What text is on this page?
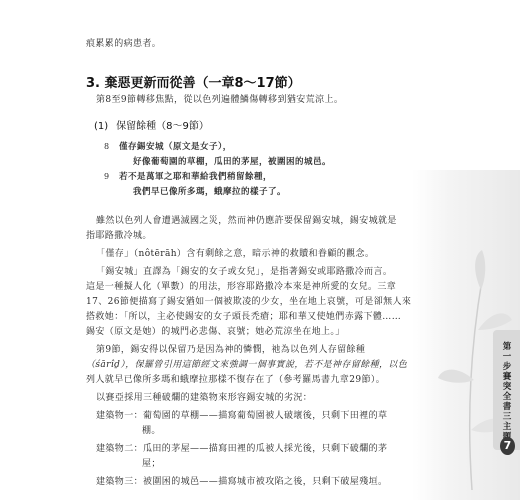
第一步 賽突全書三主
7
痕累累的病患者。
3. 棄惡更新而從善（一章8～17節）
第8至9節轉移焦點，從以色列遍體鱗傷轉移到猶安荒涼上。
(1) 保留餘種（8～9節）
8 僅存錫安城（原文是女子），
好像葡萄園的草棚，瓜田的茅屋，被圍困的城邑。
9 若不是萬軍之耶和華給我們稍留餘種，
我們早已像所多瑪，蛾摩拉的樣子了。
雖然以色列人會遭遇滅國之災，然而神仍應許要保留錫安城，錫安城就是
指耶路撒冷城。
「僅存」（nôtērāh）含有剩餘之意，暗示神的救贖和眷顧的觀念。
「錫安城」直譯為「錫安的女子或女兒」，是指著錫安或耶路撒冷而言。
這是一種擬人化（單數）的用法，形容耶路撒冷本來是神所愛的女兒。三章
17、26節便描寫了錫安猶如一個被欺凌的少女，坐在地上哀號，可是卻無人來
搭救她：「所以，主必使錫安的女子頭長禿瘡；耶和華又使她們赤露下體……
錫安（原文是她）的城門必悲傷、哀號；她必荒涼坐在地上。」
第9節，錫安得以保留乃是因為神的憐憫，祂為以色列人存留餘種
（śārîḏ），保羅曾引用這節經文來強調一個事實說，若不是神存留餘種，以色
列人就早已像所多瑪和蛾摩拉那樣不復存在了（參考羅馬書九章29節）。
以賽亞採用三種破爛的建築物來形容錫安城的劣況：
建築物一：葡萄園的草棚——描寫葡萄園被人破壞後，只剩下田裡的草
棚。
建築物二：瓜田的茅屋——描寫田裡的瓜被人採光後，只剩下破爛的茅
屋；
建築物三：被圍困的城邑——描寫城市被攻陷之後，只剩下破屋殘垣。
